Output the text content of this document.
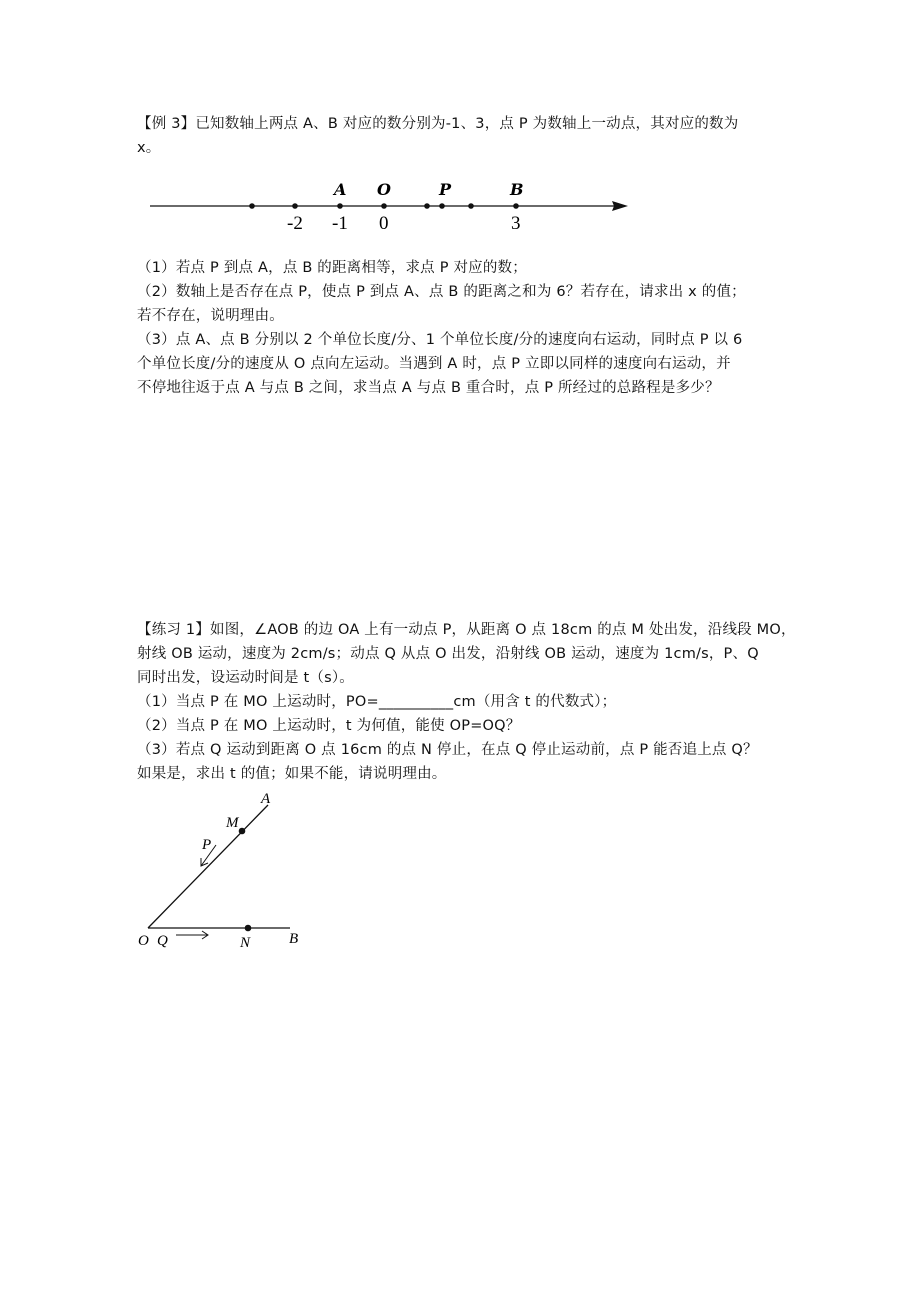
【例 3】已知数轴上两点 A、B 对应的数分别为-1、3，点 P 为数轴上一动点，其对应的数为
x。
A O	P	B
-2 -1 0	3
（1）若点 P 到点 A，点 B 的距离相等，求点 P 对应的数；
（2）数轴上是否存在点 P，使点 P 到点 A、点 B 的距离之和为 6？若存在，请求出 x 的值；
若不存在，说明理由。
（3）点 A、点 B 分别以 2 个单位长度/分、1 个单位长度/分的速度向右运动，同时点 P 以 6
个单位长度/分的速度从 O 点向左运动。当遇到 A 时，点 P 立即以同样的速度向右运动，并
不停地往返于点 A 与点 B 之间，求当点 A 与点 B 重合时，点 P 所经过的总路程是多少？
【练习 1】如图，∠AOB 的边 OA 上有一动点 P，从距离 O 点 18cm 的点 M 处出发，沿线段 MO，
射线 OB 运动，速度为 2cm/s；动点 Q 从点 O 出发，沿射线 OB 运动，速度为 1cm/s，P、Q
同时出发，设运动时间是 t（s）。
（1）当点 P 在 MO 上运动时，PO=__________cm（用含 t 的代数式）；
（2）当点 P 在 MO 上运动时，t 为何值，能使 OP=OQ？
（3）若点 Q 运动到距离 O 点 16cm 的点 N 停止，在点 Q 停止运动前，点 P 能否追上点 Q？
如果是，求出 t 的值；如果不能，请说明理由。
A
M
P
O Q	N	B
